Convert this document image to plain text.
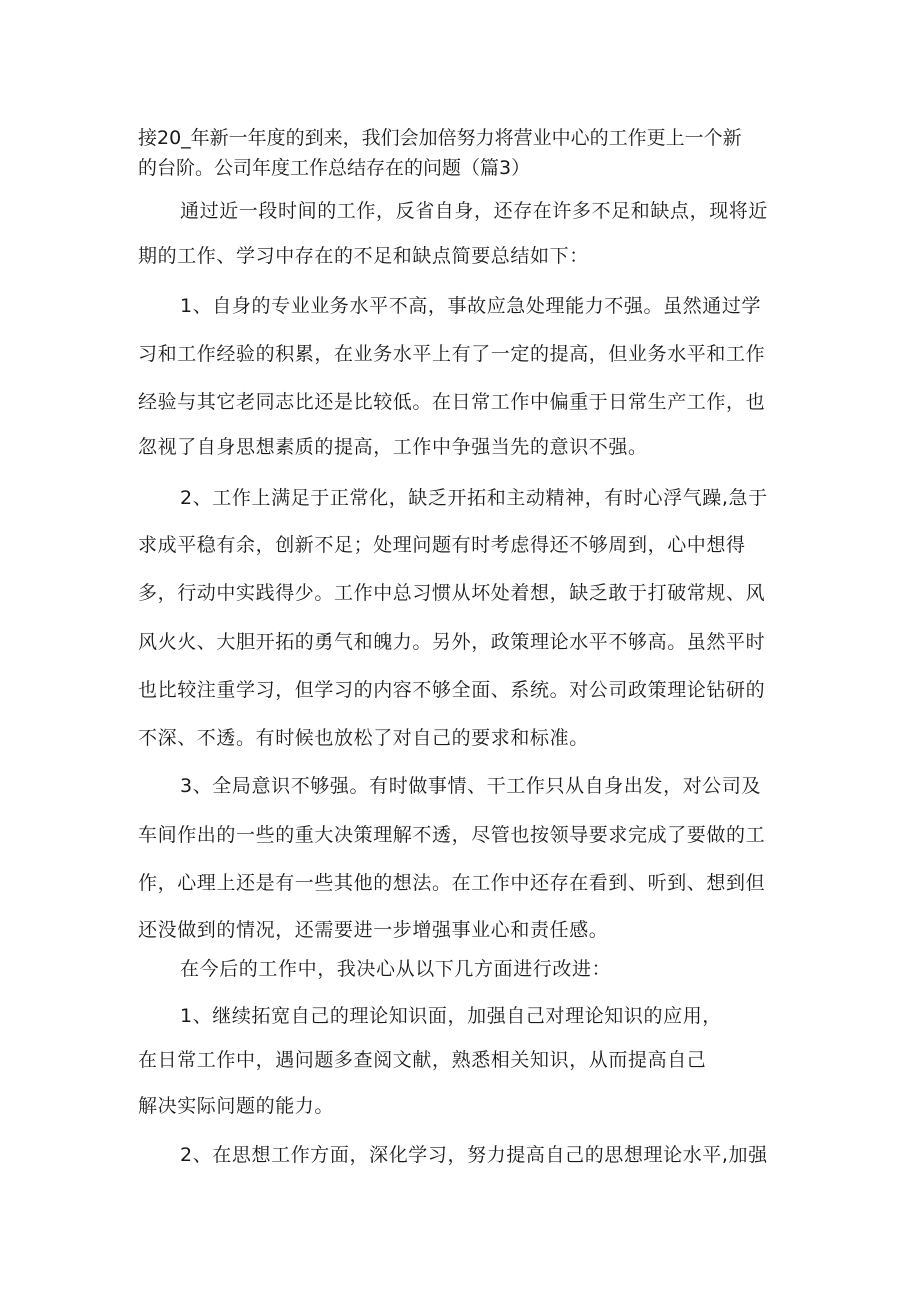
接20_年新一年度的到来，我们会加倍努力将营业中心的工作更上一个新
的台阶。公司年度工作总结存在的问题（篇3）
通过近一段时间的工作，反省自身，还存在许多不足和缺点，现将近
期的工作、学习中存在的不足和缺点简要总结如下：
1、自身的专业业务水平不高，事故应急处理能力不强。虽然通过学
习和工作经验的积累，在业务水平上有了一定的提高，但业务水平和工作
经验与其它老同志比还是比较低。在日常工作中偏重于日常生产工作，也
忽视了自身思想素质的提高，工作中争强当先的意识不强。
2、工作上满足于正常化，缺乏开拓和主动精神，有时心浮气躁,急于
求成平稳有余，创新不足；处理问题有时考虑得还不够周到，心中想得
多，行动中实践得少。工作中总习惯从坏处着想，缺乏敢于打破常规、风
风火火、大胆开拓的勇气和魄力。另外，政策理论水平不够高。虽然平时
也比较注重学习，但学习的内容不够全面、系统。对公司政策理论钻研的
不深、不透。有时候也放松了对自己的要求和标准。
3、全局意识不够强。有时做事情、干工作只从自身出发，对公司及
车间作出的一些的重大决策理解不透，尽管也按领导要求完成了要做的工
作，心理上还是有一些其他的想法。在工作中还存在看到、听到、想到但
还没做到的情况，还需要进一步增强事业心和责任感。
在今后的工作中，我决心从以下几方面进行改进：
1、继续拓宽自己的理论知识面，加强自己对理论知识的应用，
在日常工作中，遇问题多查阅文献，熟悉相关知识，从而提高自己
解决实际问题的能力。
2、在思想工作方面，深化学习，努力提高自己的思想理论水平,加强
